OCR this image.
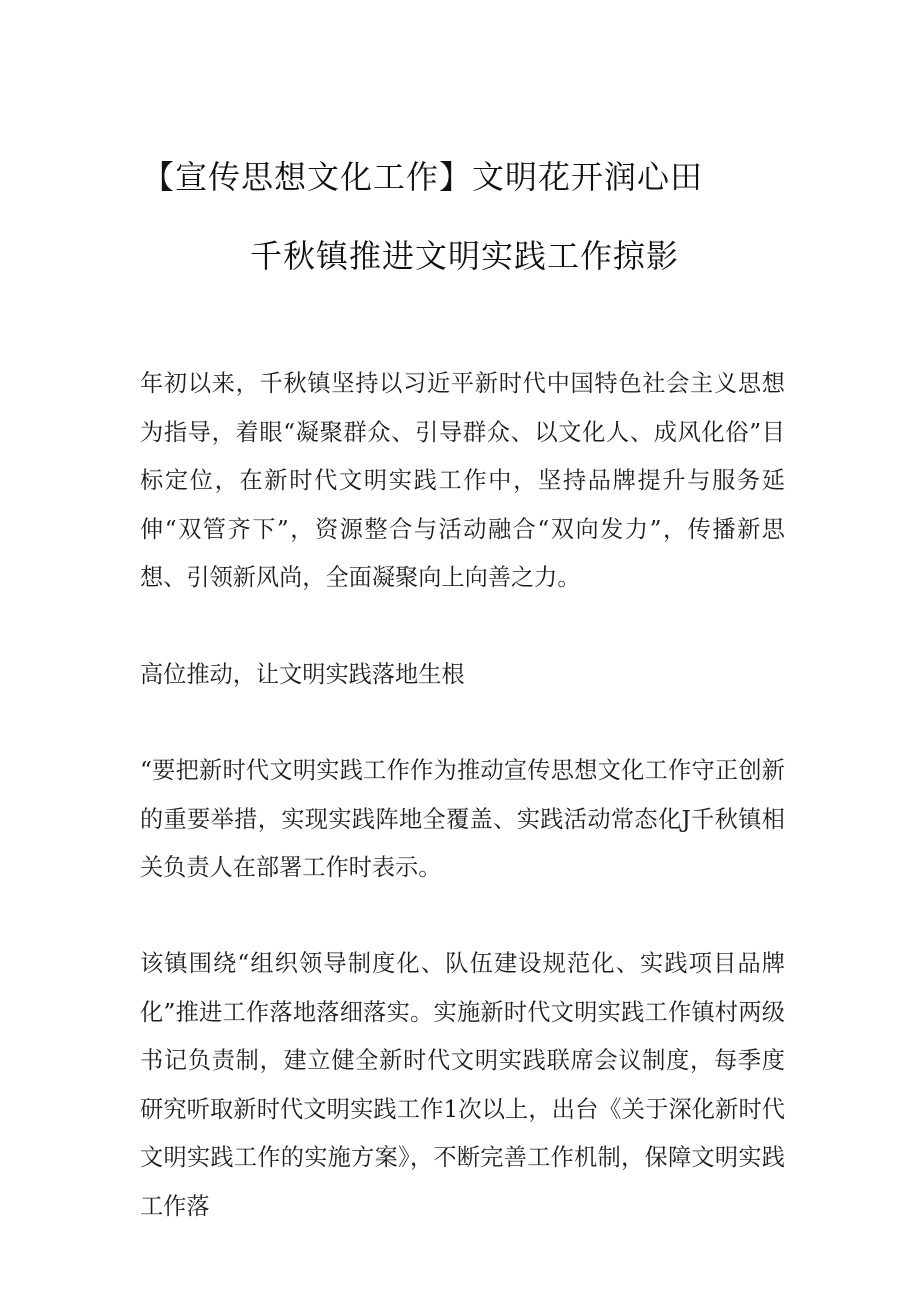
【宣传思想文化工作】文明花开润心田
千秋镇推进文明实践工作掠影

年初以来，千秋镇坚持以习近平新时代中国特色社会主义思想为指导，着眼“凝聚群众、引导群众、以文化人、成风化俗”目标定位，在新时代文明实践工作中，坚持品牌提升与服务延伸“双管齐下”，资源整合与活动融合“双向发力”，传播新思想、引领新风尚，全面凝聚向上向善之力。

高位推动，让文明实践落地生根

“要把新时代文明实践工作作为推动宣传思想文化工作守正创新的重要举措，实现实践阵地全覆盖、实践活动常态化J千秋镇相关负责人在部署工作时表示。

该镇围绕“组织领导制度化、队伍建设规范化、实践项目品牌化”推进工作落地落细落实。实施新时代文明实践工作镇村两级书记负责制，建立健全新时代文明实践联席会议制度，每季度研究听取新时代文明实践工作1次以上，出台《关于深化新时代文明实践工作的实施方案》，不断完善工作机制，保障文明实践工作落
